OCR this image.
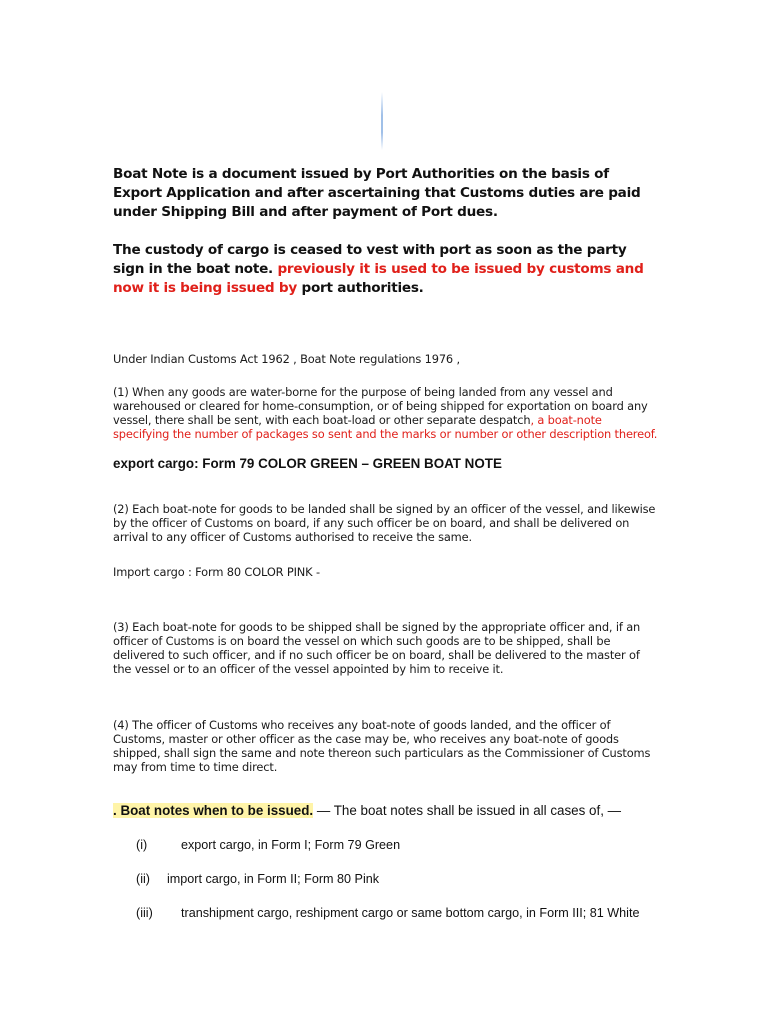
Boat Note is a document issued by Port Authorities on the basis of Export Application and after ascertaining that Customs duties are paid under Shipping Bill and after payment of Port dues.

The custody of cargo is ceased to vest with port as soon as the party sign in the boat note. previously it is used to be issued by customs and now it is being issued by port authorities.

Under Indian Customs Act 1962 , Boat Note regulations 1976 ,
(1) When any goods are water-borne for the purpose of being landed from any vessel and warehoused or cleared for home-consumption, or of being shipped for exportation on board any vessel, there shall be sent, with each boat-load or other separate despatch, a boat-note specifying the number of packages so sent and the marks or number or other description thereof.
export cargo: Form 79 COLOR GREEN – GREEN BOAT NOTE
(2) Each boat-note for goods to be landed shall be signed by an officer of the vessel, and likewise by the officer of Customs on board, if any such officer be on board, and shall be delivered on arrival to any officer of Customs authorised to receive the same.
Import cargo : Form 80 COLOR PINK -
(3) Each boat-note for goods to be shipped shall be signed by the appropriate officer and, if an officer of Customs is on board the vessel on which such goods are to be shipped, shall be delivered to such officer, and if no such officer be on board, shall be delivered to the master of the vessel or to an officer of the vessel appointed by him to receive it.
(4) The officer of Customs who receives any boat-note of goods landed, and the officer of Customs, master or other officer as the case may be, who receives any boat-note of goods shipped, shall sign the same and note thereon such particulars as the Commissioner of Customs may from time to time direct.
. Boat notes when to be issued. — The boat notes shall be issued in all cases of, —
(i)	export cargo, in Form I; Form 79 Green
(ii) import cargo, in Form II; Form 80 Pink
(iii) transhipment cargo, reshipment cargo or same bottom cargo, in Form III; 81 White
